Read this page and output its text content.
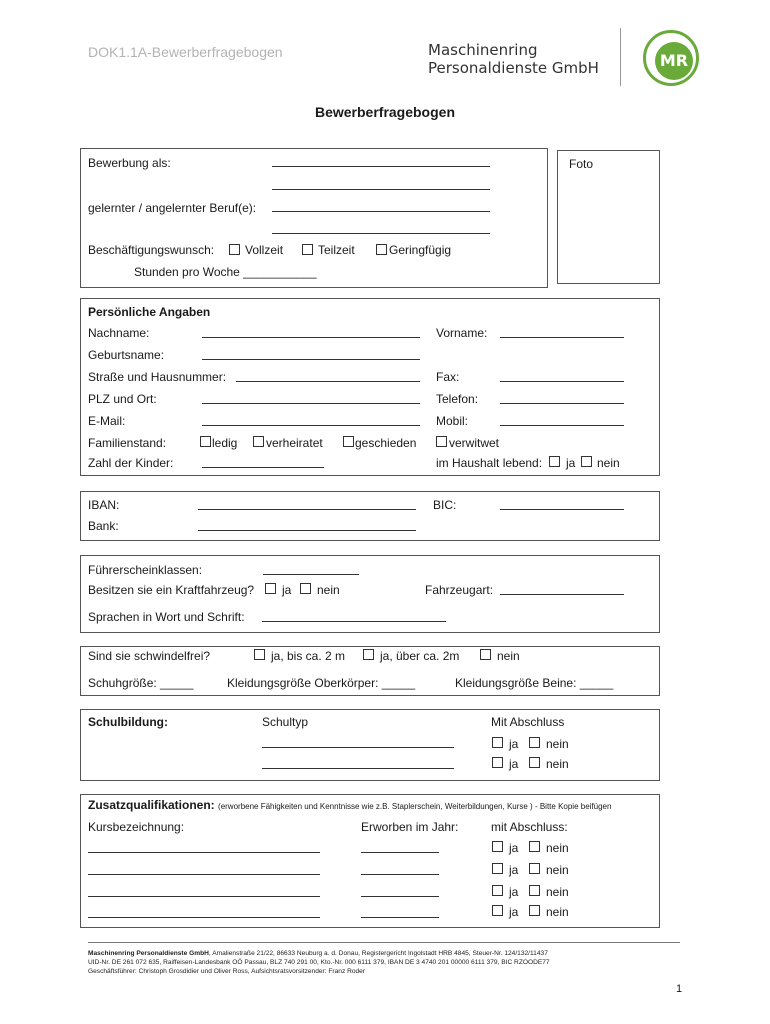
DOK1.1A-Bewerberfragebogen	Maschinenring
Personaldienste GmbH	MR
Bewerberfragebogen
Bewerbung als:
gelernter / angelernter Beruf(e):
Beschäftigungswunsch:	Vollzeit	Teilzeit	Geringfügig
Stunden pro Woche ___________
Foto
Persönliche Angaben
Nachname:	Vorname:
Geburtsname:
Straße und Hausnummer:	Fax:
PLZ und Ort:	Telefon:
E-Mail:	Mobil:
Familienstand:	ledig verheiratet	geschieden	verwitwet
Zahl der Kinder:	im Haushalt lebend: ja nein
IBAN:	BIC:
Bank:
Führerscheinklassen:
Besitzen sie ein Kraftfahrzeug? ja nein	Fahrzeugart:
Sprachen in Wort und Schrift:
Sind sie schwindelfrei?	ja, bis ca. 2 m	ja, über ca. 2m	nein
Schuhgröße: _____	Kleidungsgröße Oberkörper: _____	Kleidungsgröße Beine: _____
Schulbildung:	Schultyp	Mit Abschluss
ja nein
ja nein
Zusatzqualifikationen: (erworbene Fähigkeiten und Kenntnisse wie z.B. Staplerschein, Weiterbildungen, Kurse ) - Bitte Kopie beifügen
Kursbezeichnung:	Erworben im Jahr:	mit Abschluss:
ja nein
ja nein
ja nein
ja nein
Maschinenring Personaldienste GmbH, Amalienstraße 21/22, 86633 Neuburg a. d. Donau, Registergericht Ingolstadt HRB 4845, Steuer-Nr. 124/132/11437
UID-Nr. DE 261 072 635, Raiffeisen-Landesbank OÖ Passau, BLZ 740 291 00, Kto.-Nr. 000 6111 379, IBAN DE 3 4740 201 00000 6111 379, BIC RZOODE77
Geschäftsführer: Christoph Grosdidier und Oliver Ross, Aufsichtsratsvorsitzender: Franz Roder
1
